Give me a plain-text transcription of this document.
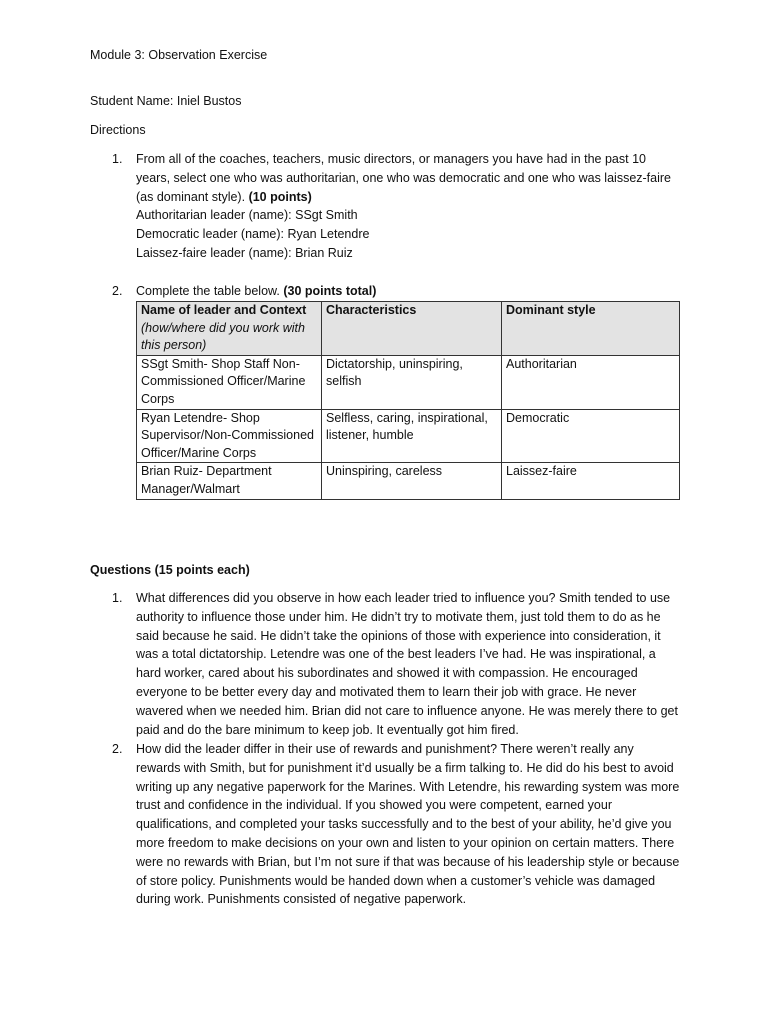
Module 3: Observation Exercise
Student Name: Iniel Bustos
Directions
1. From all of the coaches, teachers, music directors, or managers you have had in the past 10 years, select one who was authoritarian, one who was democratic and one who was laissez-faire (as dominant style). (10 points)
Authoritarian leader (name): SSgt Smith
Democratic leader (name): Ryan Letendre
Laissez-faire leader (name): Brian Ruiz
2. Complete the table below. (30 points total)
Name of leader and Context
(how/where did you work with this person)	Characteristics	Dominant style
SSgt Smith- Shop Staff Non-Commissioned Officer/Marine Corps	Dictatorship, uninspiring, selfish	Authoritarian
Ryan Letendre- Shop Supervisor/Non-Commissioned Officer/Marine Corps	Selfless, caring, inspirational, listener, humble	Democratic
Brian Ruiz- Department Manager/Walmart	Uninspiring, careless	Laissez-faire
Questions (15 points each)
1. What differences did you observe in how each leader tried to influence you? Smith tended to use authority to influence those under him. He didn’t try to motivate them, just told them to do as he said because he said. He didn’t take the opinions of those with experience into consideration, it was a total dictatorship. Letendre was one of the best leaders I’ve had. He was inspirational, a hard worker, cared about his subordinates and showed it with compassion. He encouraged everyone to be better every day and motivated them to learn their job with grace. He never wavered when we needed him. Brian did not care to influence anyone. He was merely there to get paid and do the bare minimum to keep job. It eventually got him fired.
2. How did the leader differ in their use of rewards and punishment? There weren’t really any rewards with Smith, but for punishment it’d usually be a firm talking to. He did do his best to avoid writing up any negative paperwork for the Marines. With Letendre, his rewarding system was more trust and confidence in the individual. If you showed you were competent, earned your qualifications, and completed your tasks successfully and to the best of your ability, he’d give you more freedom to make decisions on your own and listen to your opinion on certain matters. There were no rewards with Brian, but I’m not sure if that was because of his leadership style or because of store policy. Punishments would be handed down when a customer’s vehicle was damaged during work. Punishments consisted of negative paperwork.
